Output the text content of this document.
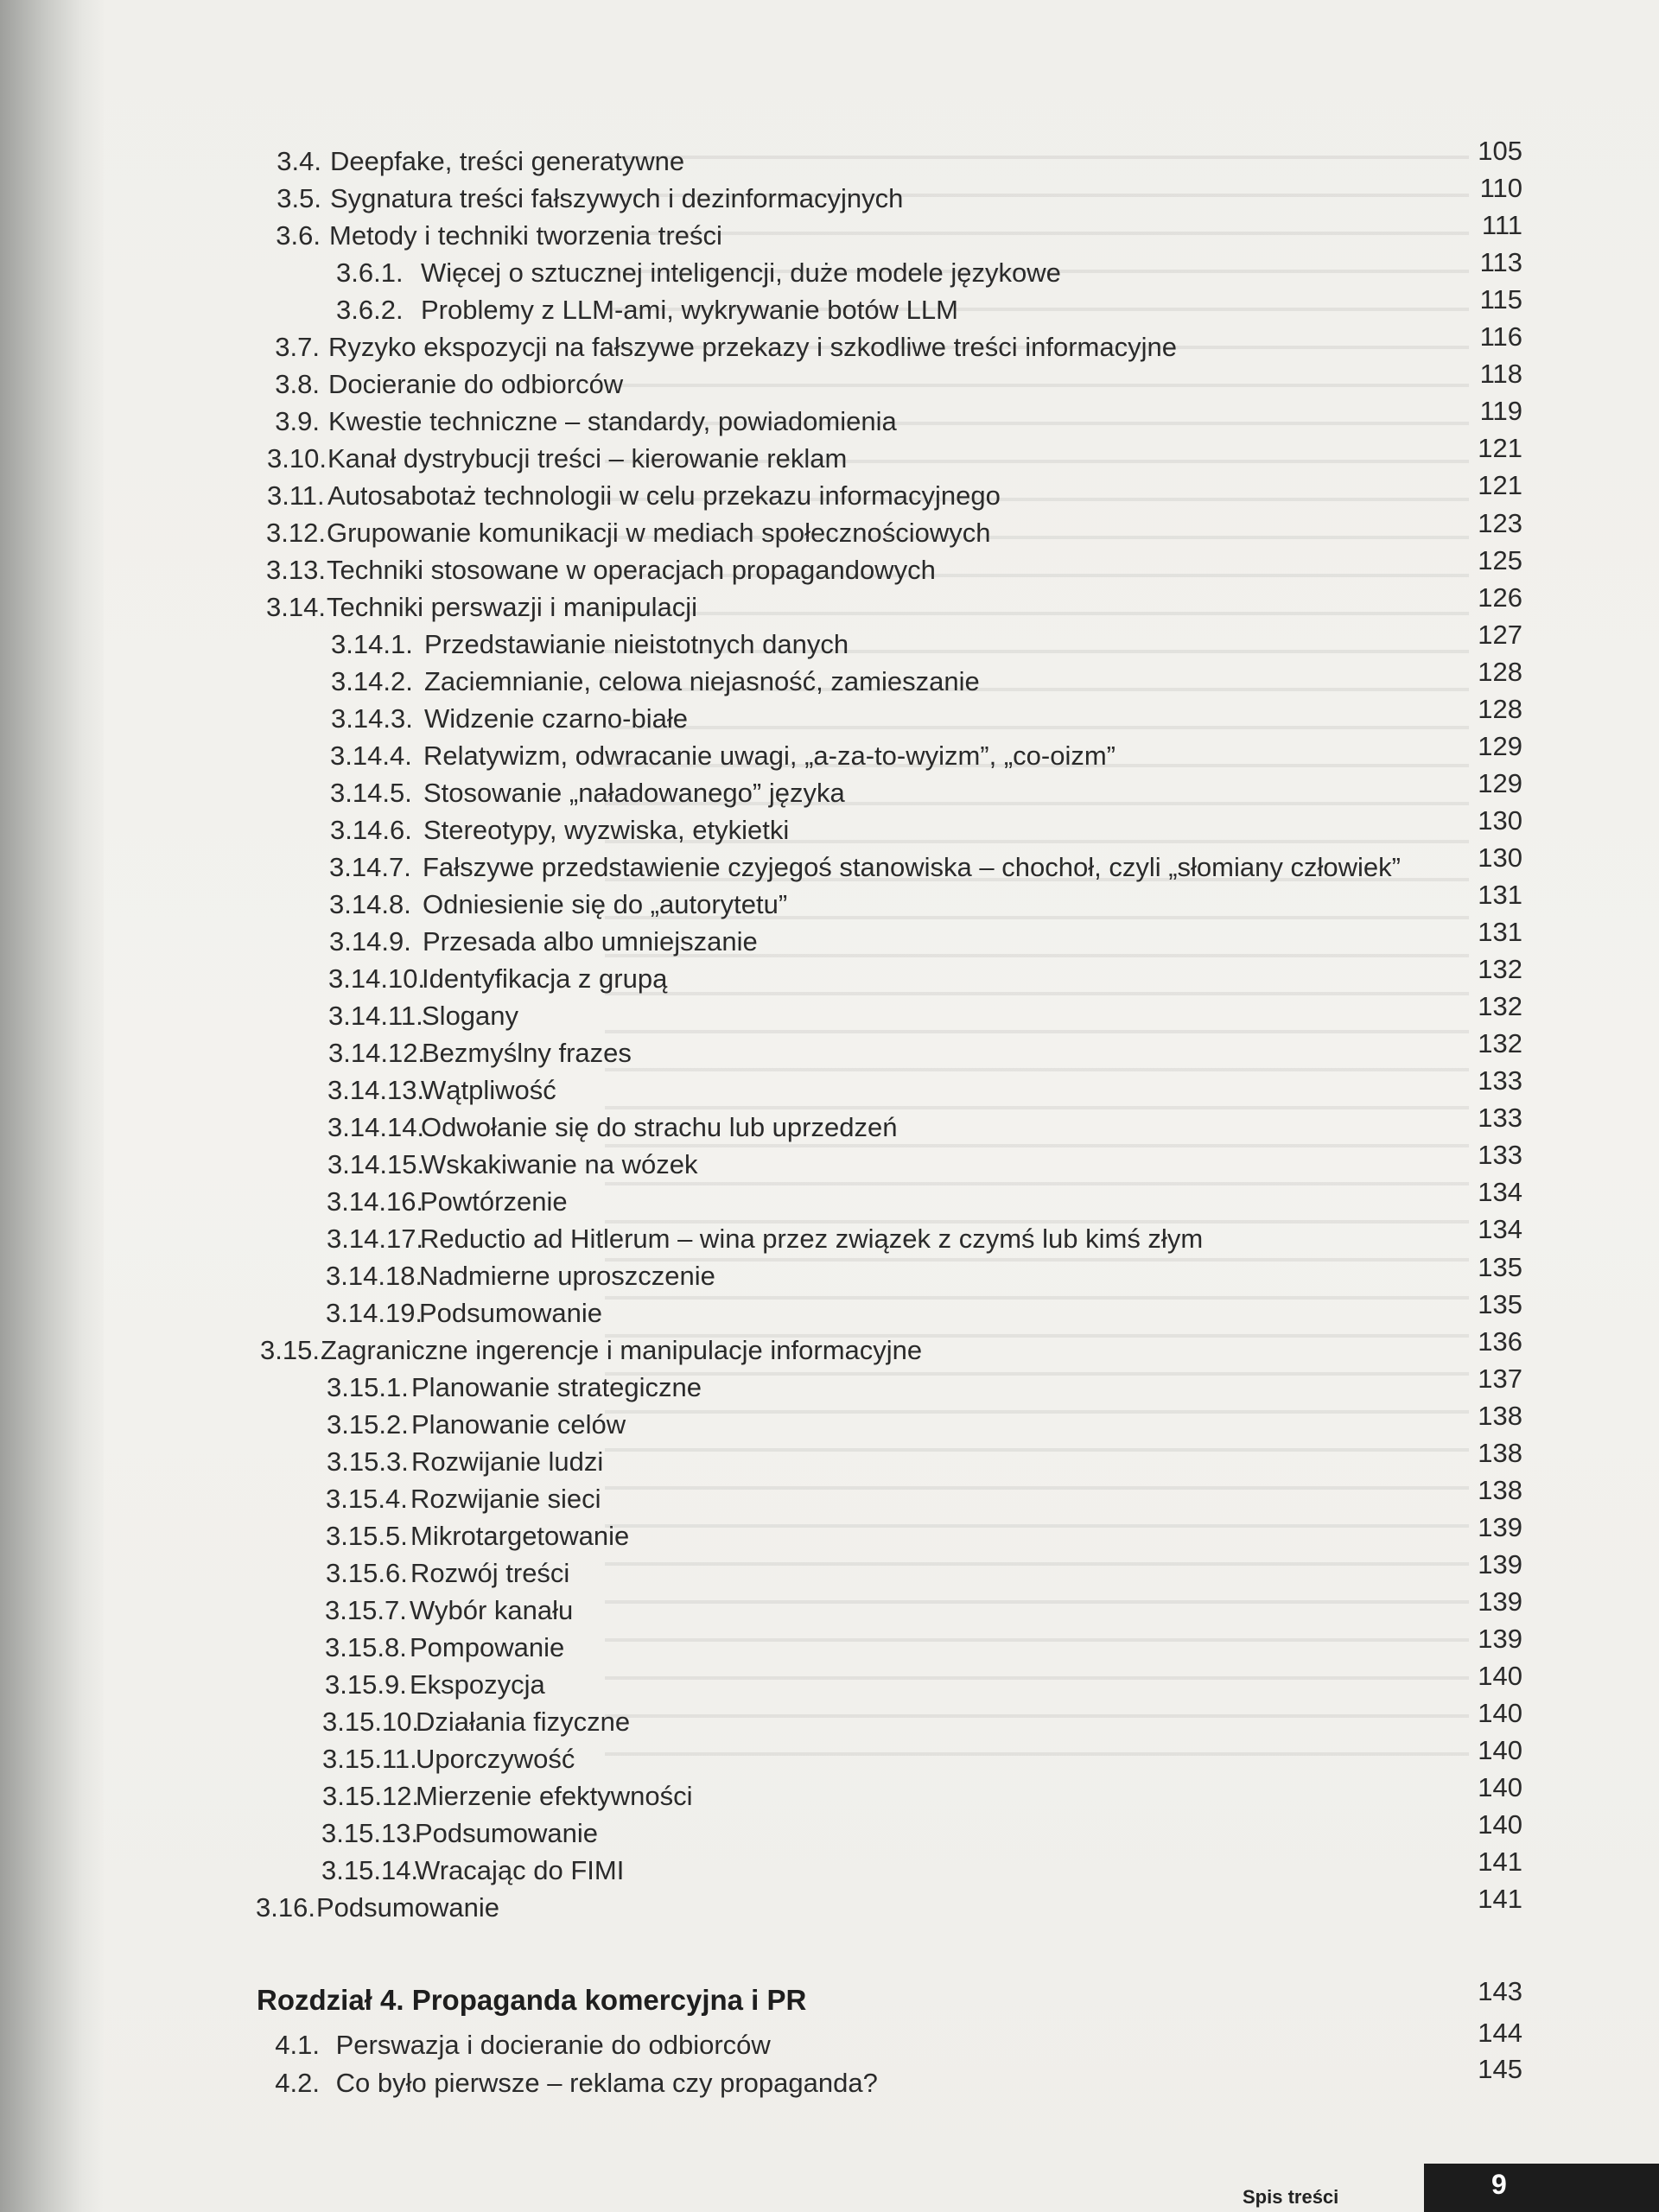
3.4. Deepfake, treści generatywne	105
3.5. Sygnatura treści fałszywych i dezinformacyjnych	110
3.6. Metody i techniki tworzenia treści	111
3.6.1. Więcej o sztucznej inteligencji, duże modele językowe	113
3.6.2. Problemy z LLM-ami, wykrywanie botów LLM	115
3.7. Ryzyko ekspozycji na fałszywe przekazy i szkodliwe treści informacyjne	116
3.8. Docieranie do odbiorców	118
3.9. Kwestie techniczne – standardy, powiadomienia	119
3.10.Kanał dystrybucji treści – kierowanie reklam	121
3.11. Autosabotaż technologii w celu przekazu informacyjnego	121
3.12.Grupowanie komunikacji w mediach społecznościowych	123
3.13.Techniki stosowane w operacjach propagandowych	125
3.14.Techniki perswazji i manipulacji	126
3.14.1. Przedstawianie nieistotnych danych	127
3.14.2. Zaciemnianie, celowa niejasność, zamieszanie	128
3.14.3. Widzenie czarno-białe	128
3.14.4. Relatywizm, odwracanie uwagi, „a-za-to-wyizm”, „co-oizm”	129
3.14.5. Stosowanie „naładowanego” języka	129
3.14.6. Stereotypy, wyzwiska, etykietki	130
3.14.7. Fałszywe przedstawienie czyjegoś stanowiska – chochoł, czyli „słomiany człowiek”	130
3.14.8. Odniesienie się do „autorytetu”	131
3.14.9. Przesada albo umniejszanie	131
3.14.10.Identyfikacja z grupą	132
3.14.11.Slogany	132
3.14.12.Bezmyślny frazes	132
3.14.13.Wątpliwość	133
3.14.14.Odwołanie się do strachu lub uprzedzeń	133
3.14.15.Wskakiwanie na wózek	133
3.14.16.Powtórzenie	134
3.14.17.Reductio ad Hitlerum – wina przez związek z czymś lub kimś złym	134
3.14.18.Nadmierne uproszczenie	135
3.14.19.Podsumowanie	135
3.15.Zagraniczne ingerencje i manipulacje informacyjne	136
3.15.1. Planowanie strategiczne	137
3.15.2. Planowanie celów	138
3.15.3. Rozwijanie ludzi	138
3.15.4. Rozwijanie sieci	138
3.15.5. Mikrotargetowanie	139
3.15.6. Rozwój treści	139
3.15.7. Wybór kanału	139
3.15.8. Pompowanie	139
3.15.9. Ekspozycja	140
3.15.10.Działania fizyczne	140
3.15.11.Uporczywość	140
3.15.12.Mierzenie efektywności	140
3.15.13.Podsumowanie	140
3.15.14.Wracając do FIMI	141
3.16.Podsumowanie	141
Rozdział 4. Propaganda komercyjna i PR	143
4.1. Perswazja i docieranie do odbiorców	144
4.2. Co było pierwsze – reklama czy propaganda?	145
Spis treści	9
